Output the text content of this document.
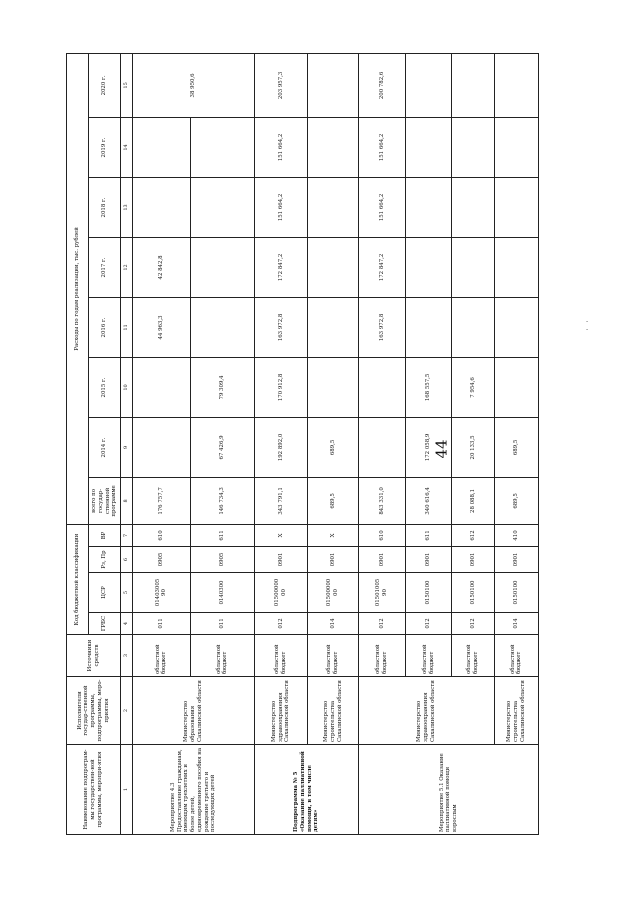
44
-
-
Наименование подпрограм-мы государствен-ной программы, меропри-ятия	Исполнители государ-ственной программы, подпрограммы, меро-приятия	Источники средств	Код бюджетной классификации				Расходы по годам реализации, тыс. рублей							
			ГРБС	ЦСР	Рз, Пр	ВР	всего по государ-ственной программе	2014 г.	2015 г.	2016 г.	2017 г.	2018 г.	2019 г.	2020 г.

1	2	3	4	5	6	7	8	9	10	11	12	13	14	15
Мероприятие 4.3 Предоставление гражданам, имеющим трехлетних и более детей, единовременного пособия на рождение третьего и последующих детей	Министерство образования Сахалинской области	областной бюджет	011	01403005 90	0905	610	176 757,7			44 963,3	42 842,8			38 950,6
		областной бюджет	011	0140300	0905	611	146 734,3	67 426,9	79 309,4					
Подпрограмма № 5 «Оказание паллиативной помощи, в том числе детям»	Министерство здравоохранения Сахалинской области	областной бюджет	012	01500000 00	0901	Х	343 791,1	192 892,0	170 912,8	163 972,8	172 847,2	151 664,2	151 664,2	203 957,3
	Министерство строительства Сахалинской области	областной бюджет	014	01500000 00	0901	Х	689,5	689,5						
Мероприятие 5.1 Оказание паллиативной помощи взрослым	Министерство здравоохранения Сахалинской области	областной бюджет	012	01501005 90	0901	610	843 331,0			163 972,8	172 847,2	151 664,2	151 664,2	200 782,6
		областной бюджет	012	0150100	0901	611	340 616,4	172 058,9	168 557,5					
		областной бюджет	012	0150100	0901	612	28 088,1	20 133,5	7 954,6					
	Министерство строительства Сахалинской области	областной бюджет	014	0150100	0901	410	689,5	689,5						
